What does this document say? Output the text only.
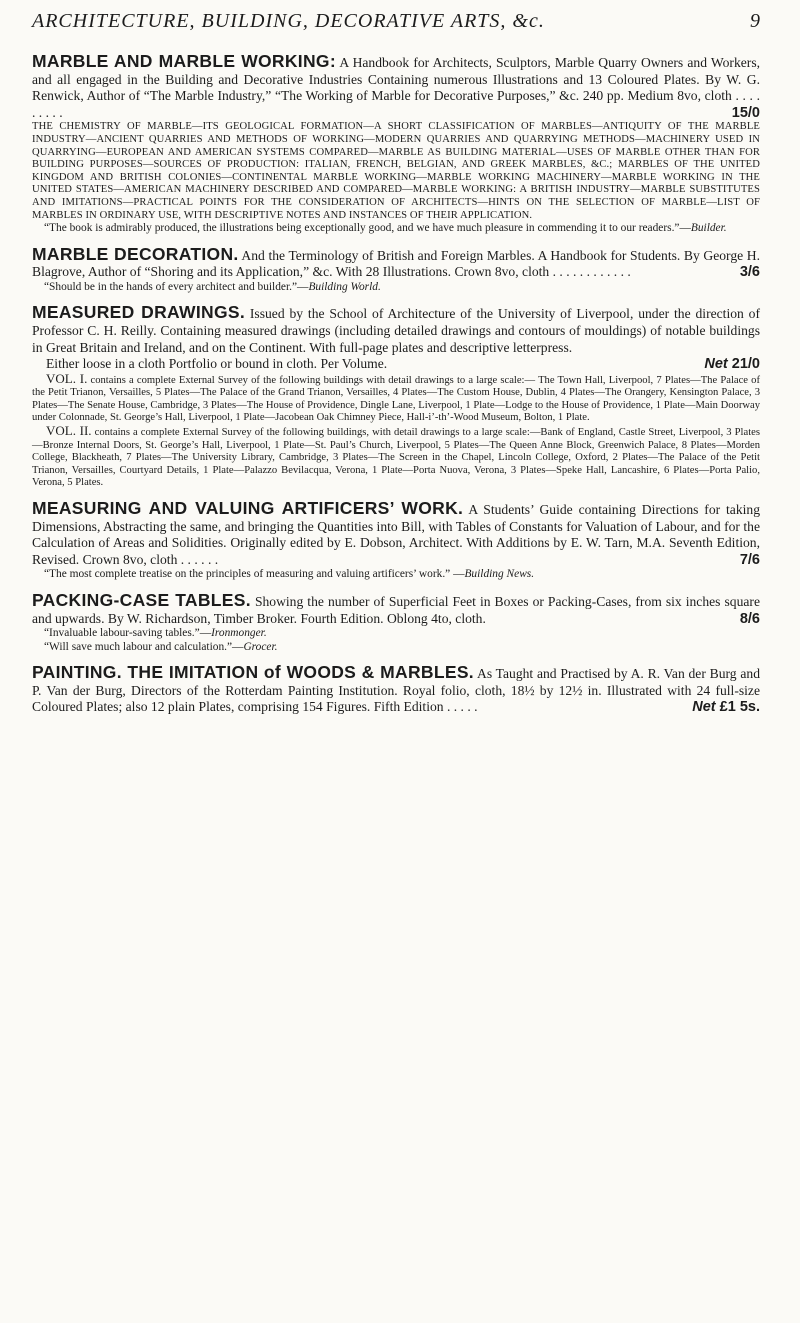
ARCHITECTURE, BUILDING, DECORATIVE ARTS, &c.	9

MARBLE AND MARBLE WORKING: A Handbook for Architects, Sculptors, Marble Quarry Owners and Workers, and all engaged in the Building and Decorative Industries Containing numerous Illustrations and 13 Coloured Plates. By W. G. Renwick, Author of “The Marble Industry,” “The Working of Marble for Decorative Purposes,” &c. 240 pp. Medium 8vo, cloth . . . . . . . . .	15/0

THE CHEMISTRY OF MARBLE—ITS GEOLOGICAL FORMATION—A SHORT CLASSIFICATION OF MARBLES—ANTIQUITY OF THE MARBLE INDUSTRY—ANCIENT QUARRIES AND METHODS OF WORKING—MODERN QUARRIES AND QUARRYING METHODS—MACHINERY USED IN QUARRYING—EUROPEAN AND AMERICAN SYSTEMS COMPARED—MARBLE AS BUILDING MATERIAL—USES OF MARBLE OTHER THAN FOR BUILDING PURPOSES—SOURCES OF PRODUCTION: ITALIAN, FRENCH, BELGIAN, AND GREEK MARBLES, &C.; MARBLES OF THE UNITED KINGDOM AND BRITISH COLONIES—CONTINENTAL MARBLE WORKING—MARBLE WORKING MACHINERY—MARBLE WORKING IN THE UNITED STATES—AMERICAN MACHINERY DESCRIBED AND COMPARED—MARBLE WORKING: A BRITISH INDUSTRY—MARBLE SUBSTITUTES AND IMITATIONS—PRACTICAL POINTS FOR THE CONSIDERATION OF ARCHITECTS—HINTS ON THE SELECTION OF MARBLE—LIST OF MARBLES IN ORDINARY USE, WITH DESCRIPTIVE NOTES AND INSTANCES OF THEIR APPLICATION.

“The book is admirably produced, the illustrations being exceptionally good, and we have much pleasure in commending it to our readers.”—Builder.

MARBLE DECORATION. And the Terminology of British and Foreign Marbles. A Handbook for Students. By George H. Blagrove, Author of “Shoring and its Application,” &c. With 28 Illustrations. Crown 8vo, cloth . . . . . . . . . . . .	3/6

“Should be in the hands of every architect and builder.”—Building World.

MEASURED DRAWINGS. Issued by the School of Architecture of the University of Liverpool, under the direction of Professor C. H. Reilly. Containing measured drawings (including detailed drawings and contours of mouldings) of notable buildings in Great Britain and Ireland, and on the Continent. With full-page plates and descriptive letterpress.

Either loose in a cloth Portfolio or bound in cloth. Per Volume.	Net 21/0

VOL. I. contains a complete External Survey of the following buildings with detail drawings to a large scale:— The Town Hall, Liverpool, 7 Plates—The Palace of the Petit Trianon, Versailles, 5 Plates—The Palace of the Grand Trianon, Versailles, 4 Plates—The Custom House, Dublin, 4 Plates—The Orangery, Kensington Palace, 3 Plates—The Senate House, Cambridge, 3 Plates—The House of Providence, Dingle Lane, Liverpool, 1 Plate—Lodge to the House of Providence, 1 Plate—Main Doorway under Colonnade, St. George’s Hall, Liverpool, 1 Plate—Jacobean Oak Chimney Piece, Hall-i’-th’-Wood Museum, Bolton, 1 Plate.

VOL. II. contains a complete External Survey of the following buildings, with detail drawings to a large scale:—Bank of England, Castle Street, Liverpool, 3 Plates—Bronze Internal Doors, St. George’s Hall, Liverpool, 1 Plate—St. Paul’s Church, Liverpool, 5 Plates—The Queen Anne Block, Greenwich Palace, 8 Plates—Morden College, Blackheath, 7 Plates—The University Library, Cambridge, 3 Plates—The Screen in the Chapel, Lincoln College, Oxford, 2 Plates—The Palace of the Petit Trianon, Versailles, Courtyard Details, 1 Plate—Palazzo Bevilacqua, Verona, 1 Plate—Porta Nuova, Verona, 3 Plates—Speke Hall, Lancashire, 6 Plates—Porta Palio, Verona, 5 Plates.

MEASURING AND VALUING ARTIFICERS’ WORK. A Students’ Guide containing Directions for taking Dimensions, Abstracting the same, and bringing the Quantities into Bill, with Tables of Constants for Valuation of Labour, and for the Calculation of Areas and Solidities. Originally edited by E. Dobson, Architect. With Additions by E. W. Tarn, M.A. Seventh Edition, Revised. Crown 8vo, cloth . . . . . .	7/6

“The most complete treatise on the principles of measuring and valuing artificers’ work.” —Building News.

PACKING-CASE TABLES. Showing the number of Superficial Feet in Boxes or Packing-Cases, from six inches square and upwards. By W. Richardson, Timber Broker. Fourth Edition. Oblong 4to, cloth.	8/6

“Invaluable labour-saving tables.”—Ironmonger.

“Will save much labour and calculation.”—Grocer.

PAINTING. THE IMITATION of WOODS & MARBLES. As Taught and Practised by A. R. Van der Burg and P. Van der Burg, Directors of the Rotterdam Painting Institution. Royal folio, cloth, 18½ by 12½ in. Illustrated with 24 full-size Coloured Plates; also 12 plain Plates, comprising 154 Figures. Fifth Edition . . . . .	Net £1 5s.
